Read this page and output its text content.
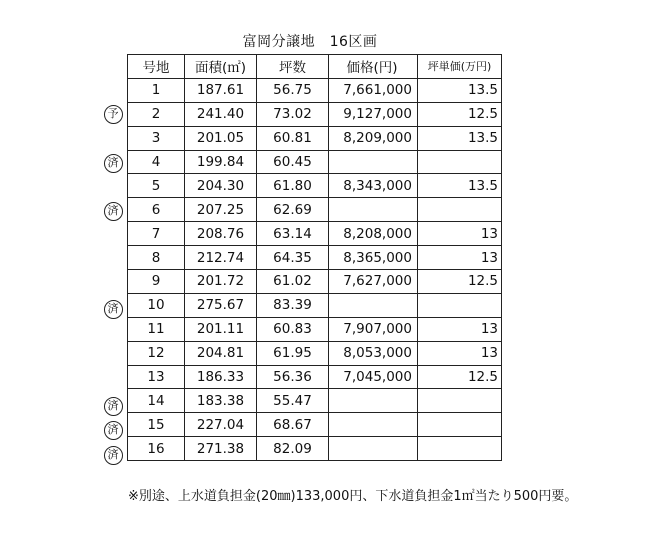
富岡分譲地　16区画
予
済
済
済
済
済
済
号地	面積(㎡)	坪数	価格(円)	坪単価(万円)
1	187.61	56.75	7,661,000	13.5
2	241.40	73.02	9,127,000	12.5
3	201.05	60.81	8,209,000	13.5
4	199.84	60.45		
5	204.30	61.80	8,343,000	13.5
6	207.25	62.69		
7	208.76	63.14	8,208,000	13
8	212.74	64.35	8,365,000	13
9	201.72	61.02	7,627,000	12.5
10	275.67	83.39		
11	201.11	60.83	7,907,000	13
12	204.81	61.95	8,053,000	13
13	186.33	56.36	7,045,000	12.5
14	183.38	55.47		
15	227.04	68.67		
16	271.38	82.09		
※別途、上水道負担金(20㎜)133,000円、下水道負担金1㎡当たり500円要。
